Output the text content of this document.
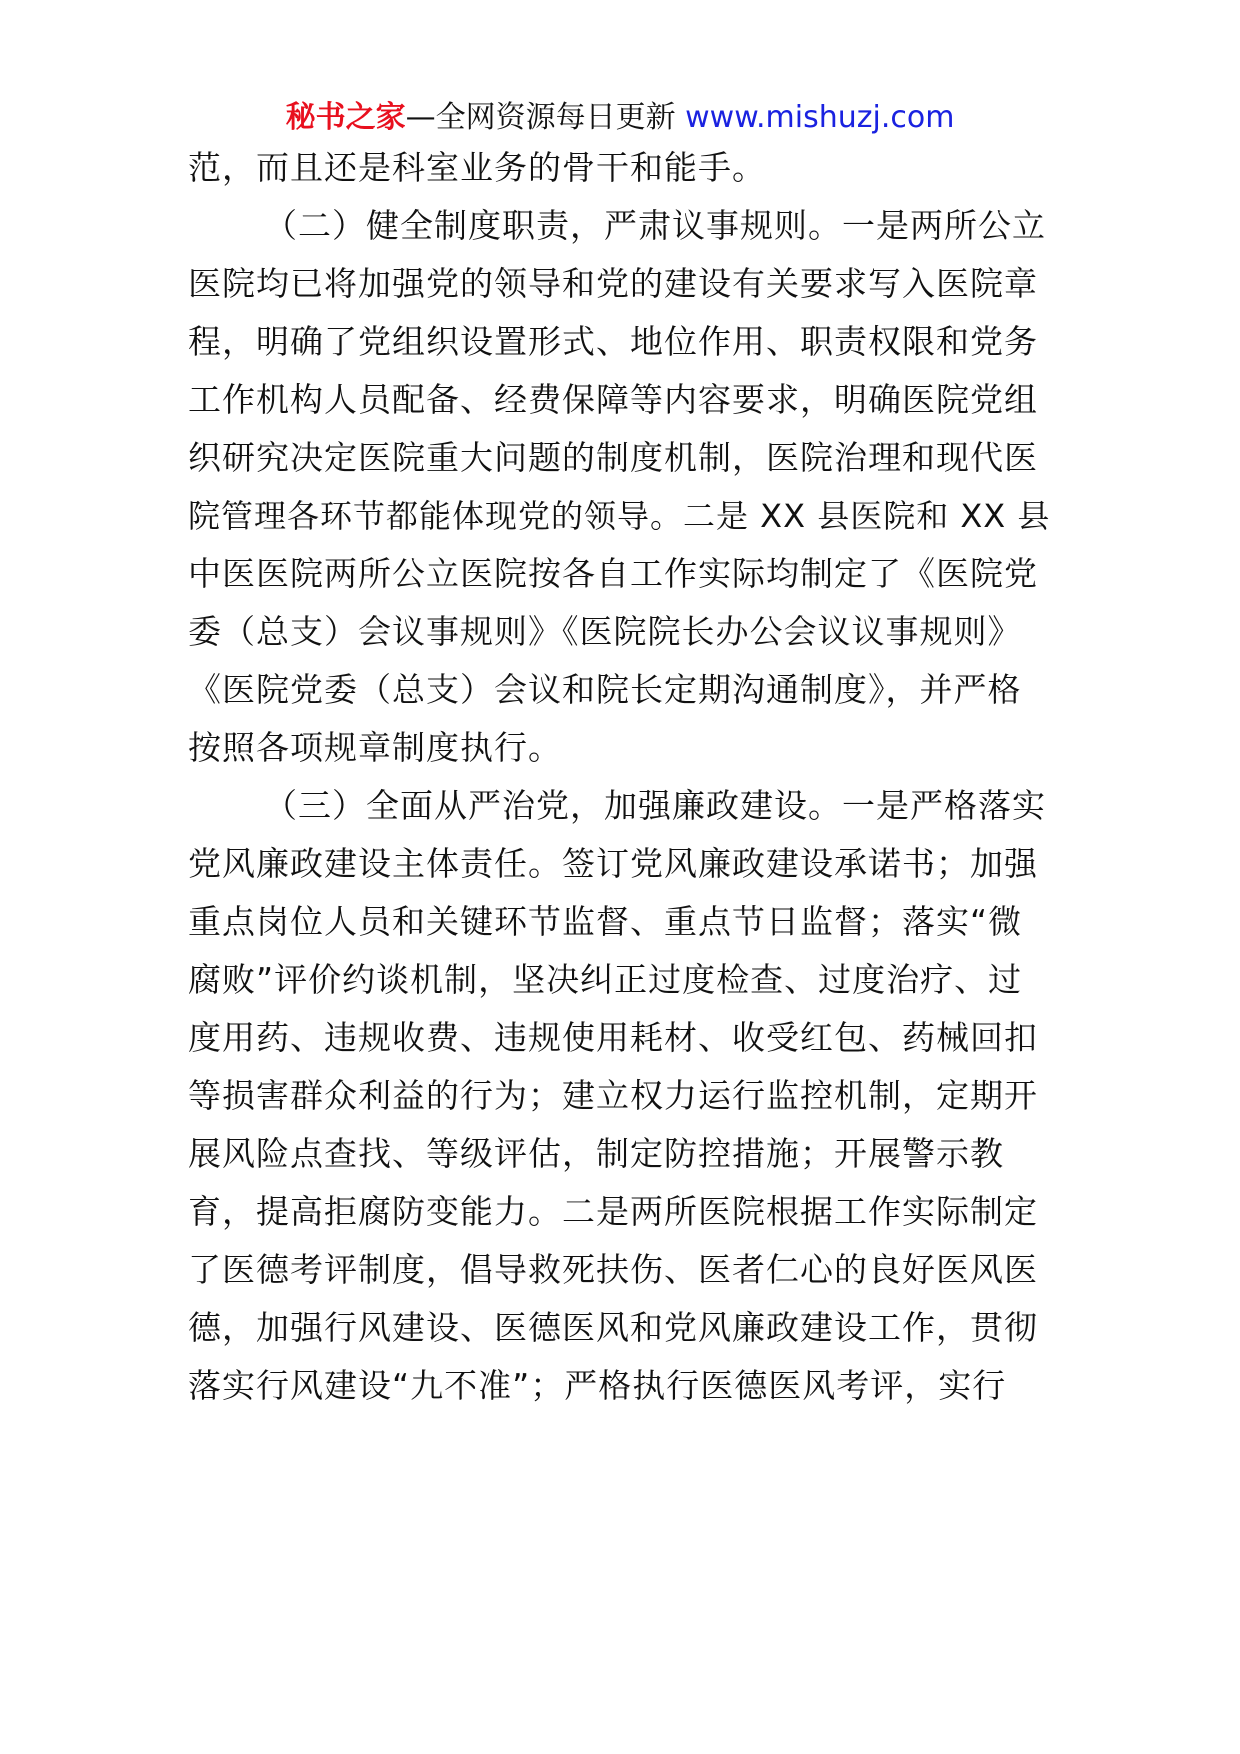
秘书之家—全网资源每日更新 www.mishuzj.com
范，而且还是科室业务的骨干和能手。
（二）健全制度职责，严肃议事规则。一是两所公立
医院均已将加强党的领导和党的建设有关要求写入医院章
程，明确了党组织设置形式、地位作用、职责权限和党务
工作机构人员配备、经费保障等内容要求，明确医院党组
织研究决定医院重大问题的制度机制，医院治理和现代医
院管理各环节都能体现党的领导。二是 XX 县医院和 XX 县
中医医院两所公立医院按各自工作实际均制定了《医院党
委（总支）会议事规则》《医院院长办公会议议事规则》
《医院党委（总支）会议和院长定期沟通制度》，并严格
按照各项规章制度执行。
（三）全面从严治党，加强廉政建设。一是严格落实
党风廉政建设主体责任。签订党风廉政建设承诺书；加强
重点岗位人员和关键环节监督、重点节日监督；落实“微
腐败”评价约谈机制，坚决纠正过度检查、过度治疗、过
度用药、违规收费、违规使用耗材、收受红包、药械回扣
等损害群众利益的行为；建立权力运行监控机制，定期开
展风险点查找、等级评估，制定防控措施；开展警示教
育，提高拒腐防变能力。二是两所医院根据工作实际制定
了医德考评制度，倡导救死扶伤、医者仁心的良好医风医
德，加强行风建设、医德医风和党风廉政建设工作，贯彻
落实行风建设“九不准”；严格执行医德医风考评，实行
